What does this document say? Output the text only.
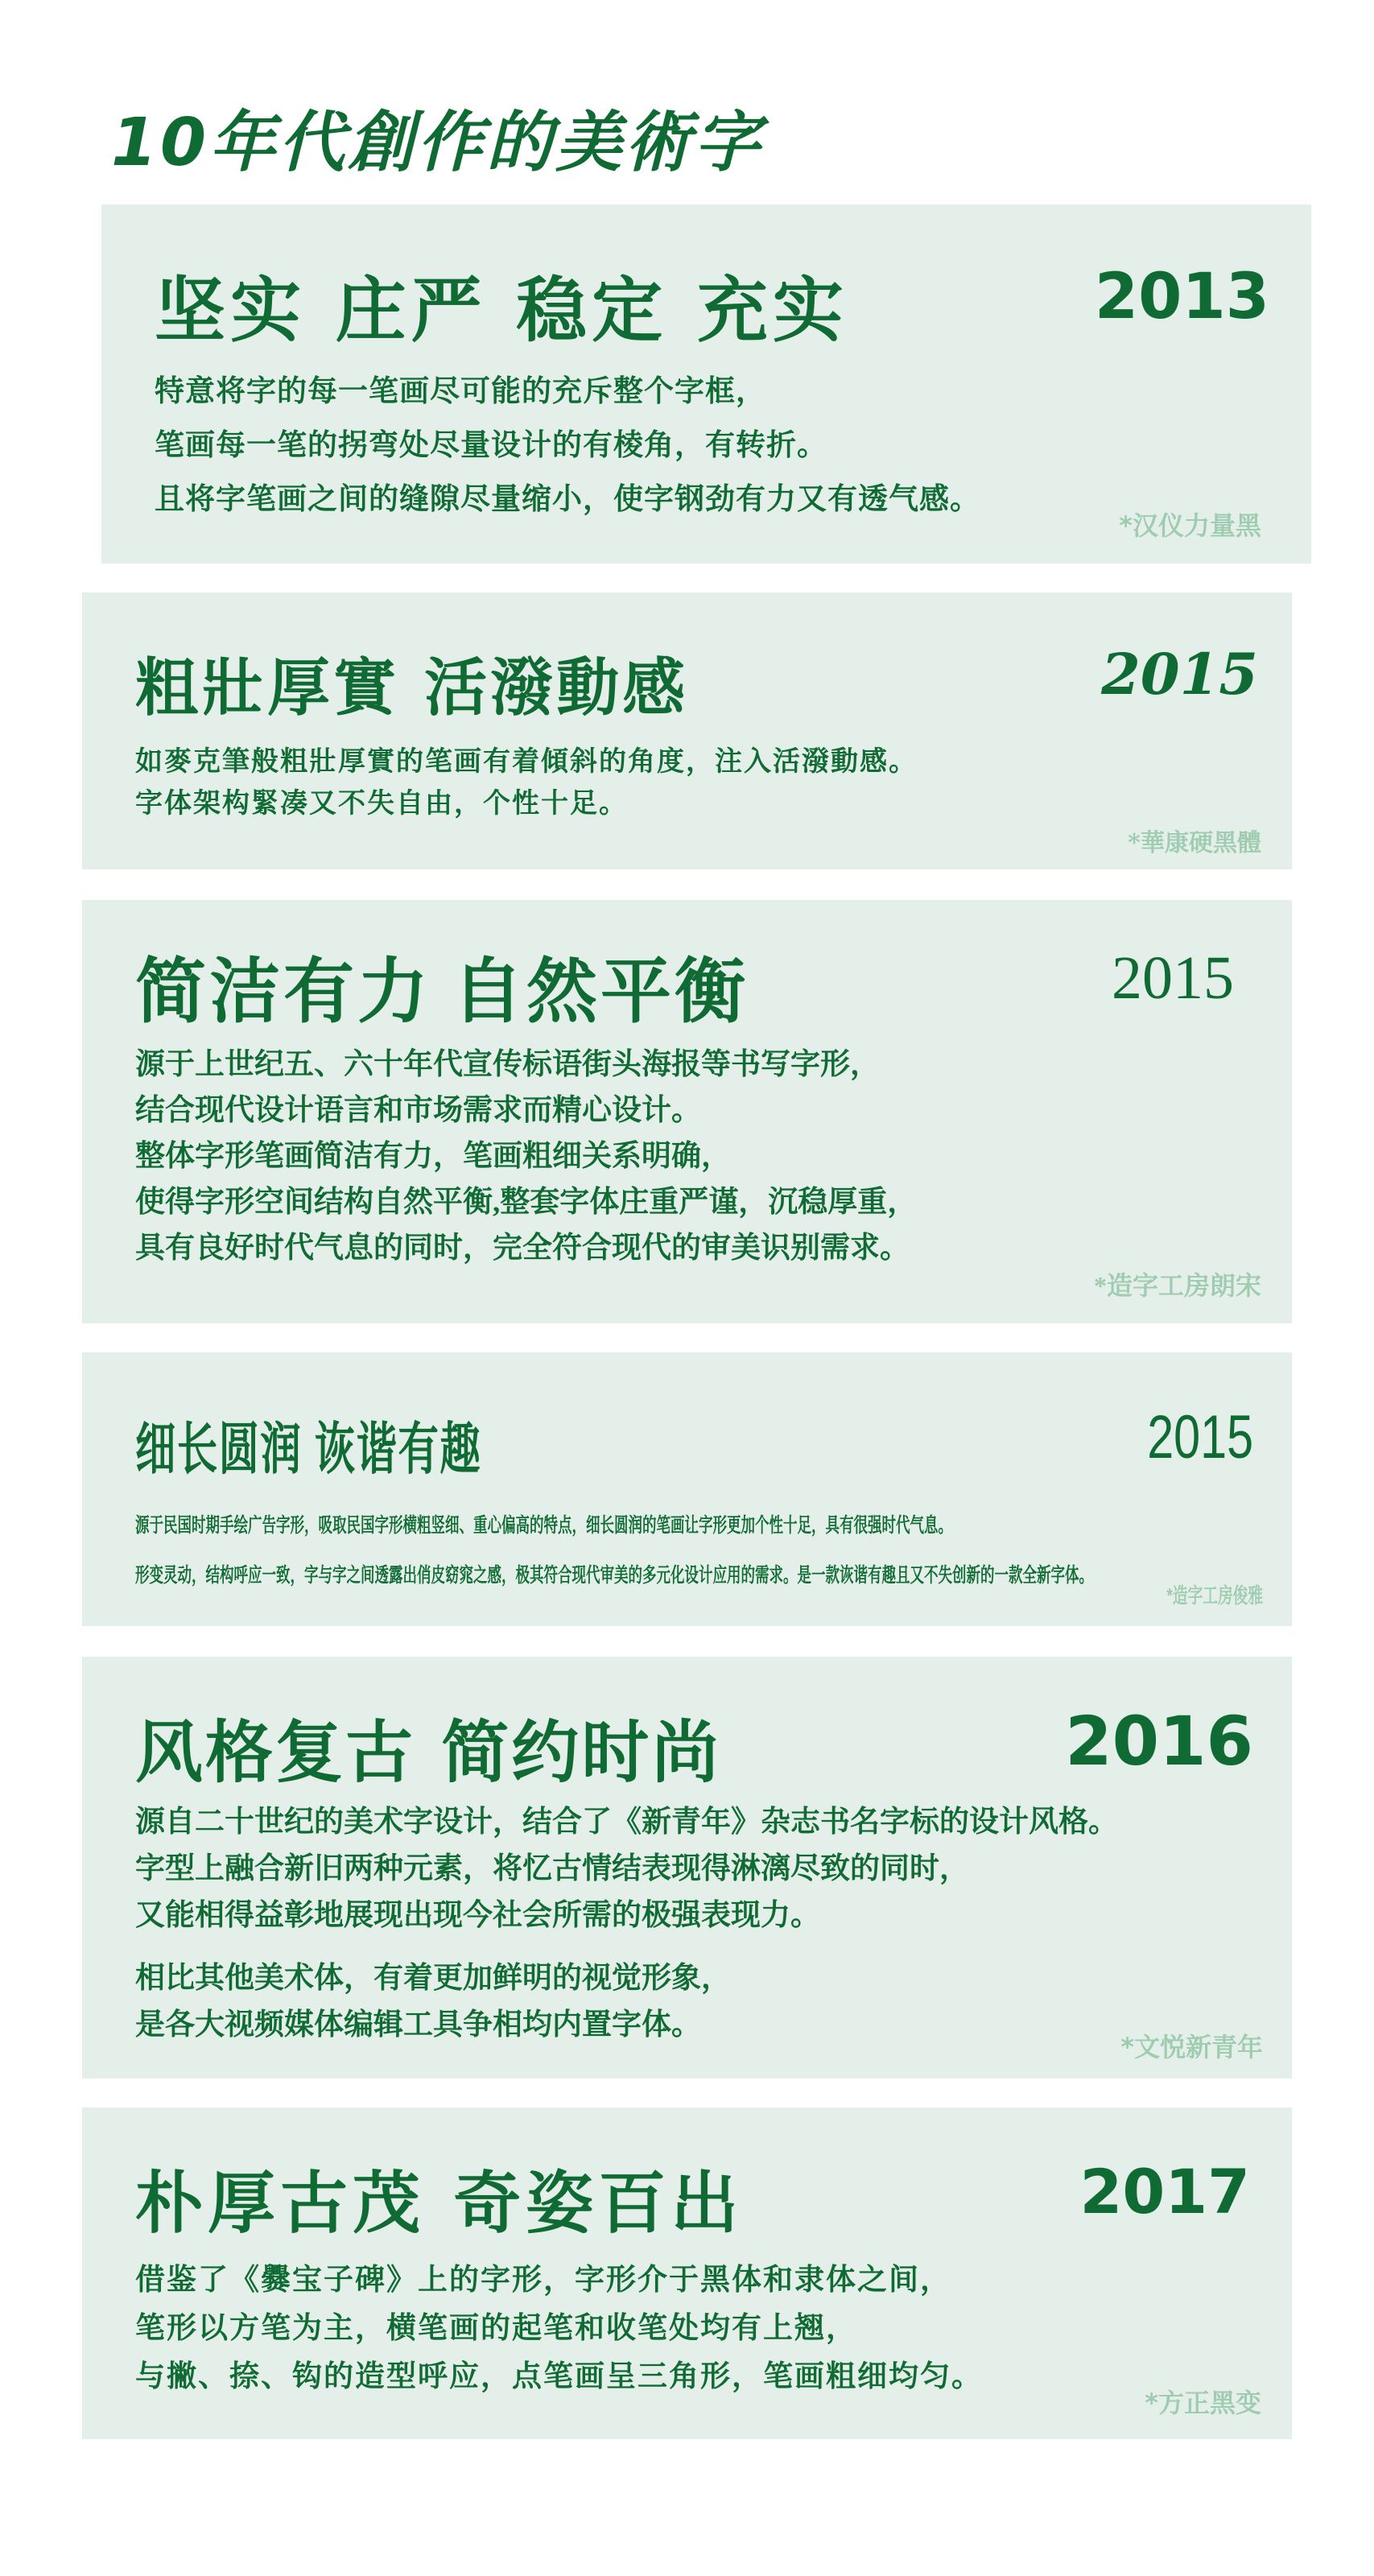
10年代創作的美術字
坚实 庄严 稳定 充实	2013
特意将字的每一笔画尽可能的充斥整个字框，
笔画每一笔的拐弯处尽量设计的有棱角，有转折。
且将字笔画之间的缝隙尽量缩小，使字钢劲有力又有透气感。
*汉仪力量黑
粗壯厚實 活潑動感	2015
如麥克筆般粗壯厚實的笔画有着傾斜的角度，注入活潑動感。
字体架构緊凑又不失自由，个性十足。
*華康硬黑體
简洁有力 自然平衡	2015
源于上世纪五、六十年代宣传标语街头海报等书写字形，
结合现代设计语言和市场需求而精心设计。
整体字形笔画简洁有力，笔画粗细关系明确，
使得字形空间结构自然平衡,整套字体庄重严谨，沉稳厚重，
具有良好时代气息的同时，完全符合现代的审美识别需求。
*造字工房朗宋
细长圆润 诙谐有趣	2015
源于民国时期手绘广告字形，吸取民国字形横粗竖细、重心偏高的特点，细长圆润的笔画让字形更加个性十足，具有很强时代气息。
形变灵动，结构呼应一致，字与字之间透露出俏皮窈窕之感，极其符合现代审美的多元化设计应用的需求。是一款诙谐有趣且又不失创新的一款全新字体。
*造字工房俊雅
风格复古 简约时尚	2016
源自二十世纪的美术字设计，结合了《新青年》杂志书名字标的设计风格。
字型上融合新旧两种元素，将忆古情结表现得淋漓尽致的同时，
又能相得益彰地展现出现今社会所需的极强表现力。
相比其他美术体，有着更加鲜明的视觉形象，
是各大视频媒体编辑工具争相均内置字体。
*文悦新青年
朴厚古茂 奇姿百出	2017
借鉴了《爨宝子碑》上的字形，字形介于黑体和隶体之间，
笔形以方笔为主，横笔画的起笔和收笔处均有上翘，
与撇、捺、钩的造型呼应，点笔画呈三角形，笔画粗细均匀。
*方正黑变
